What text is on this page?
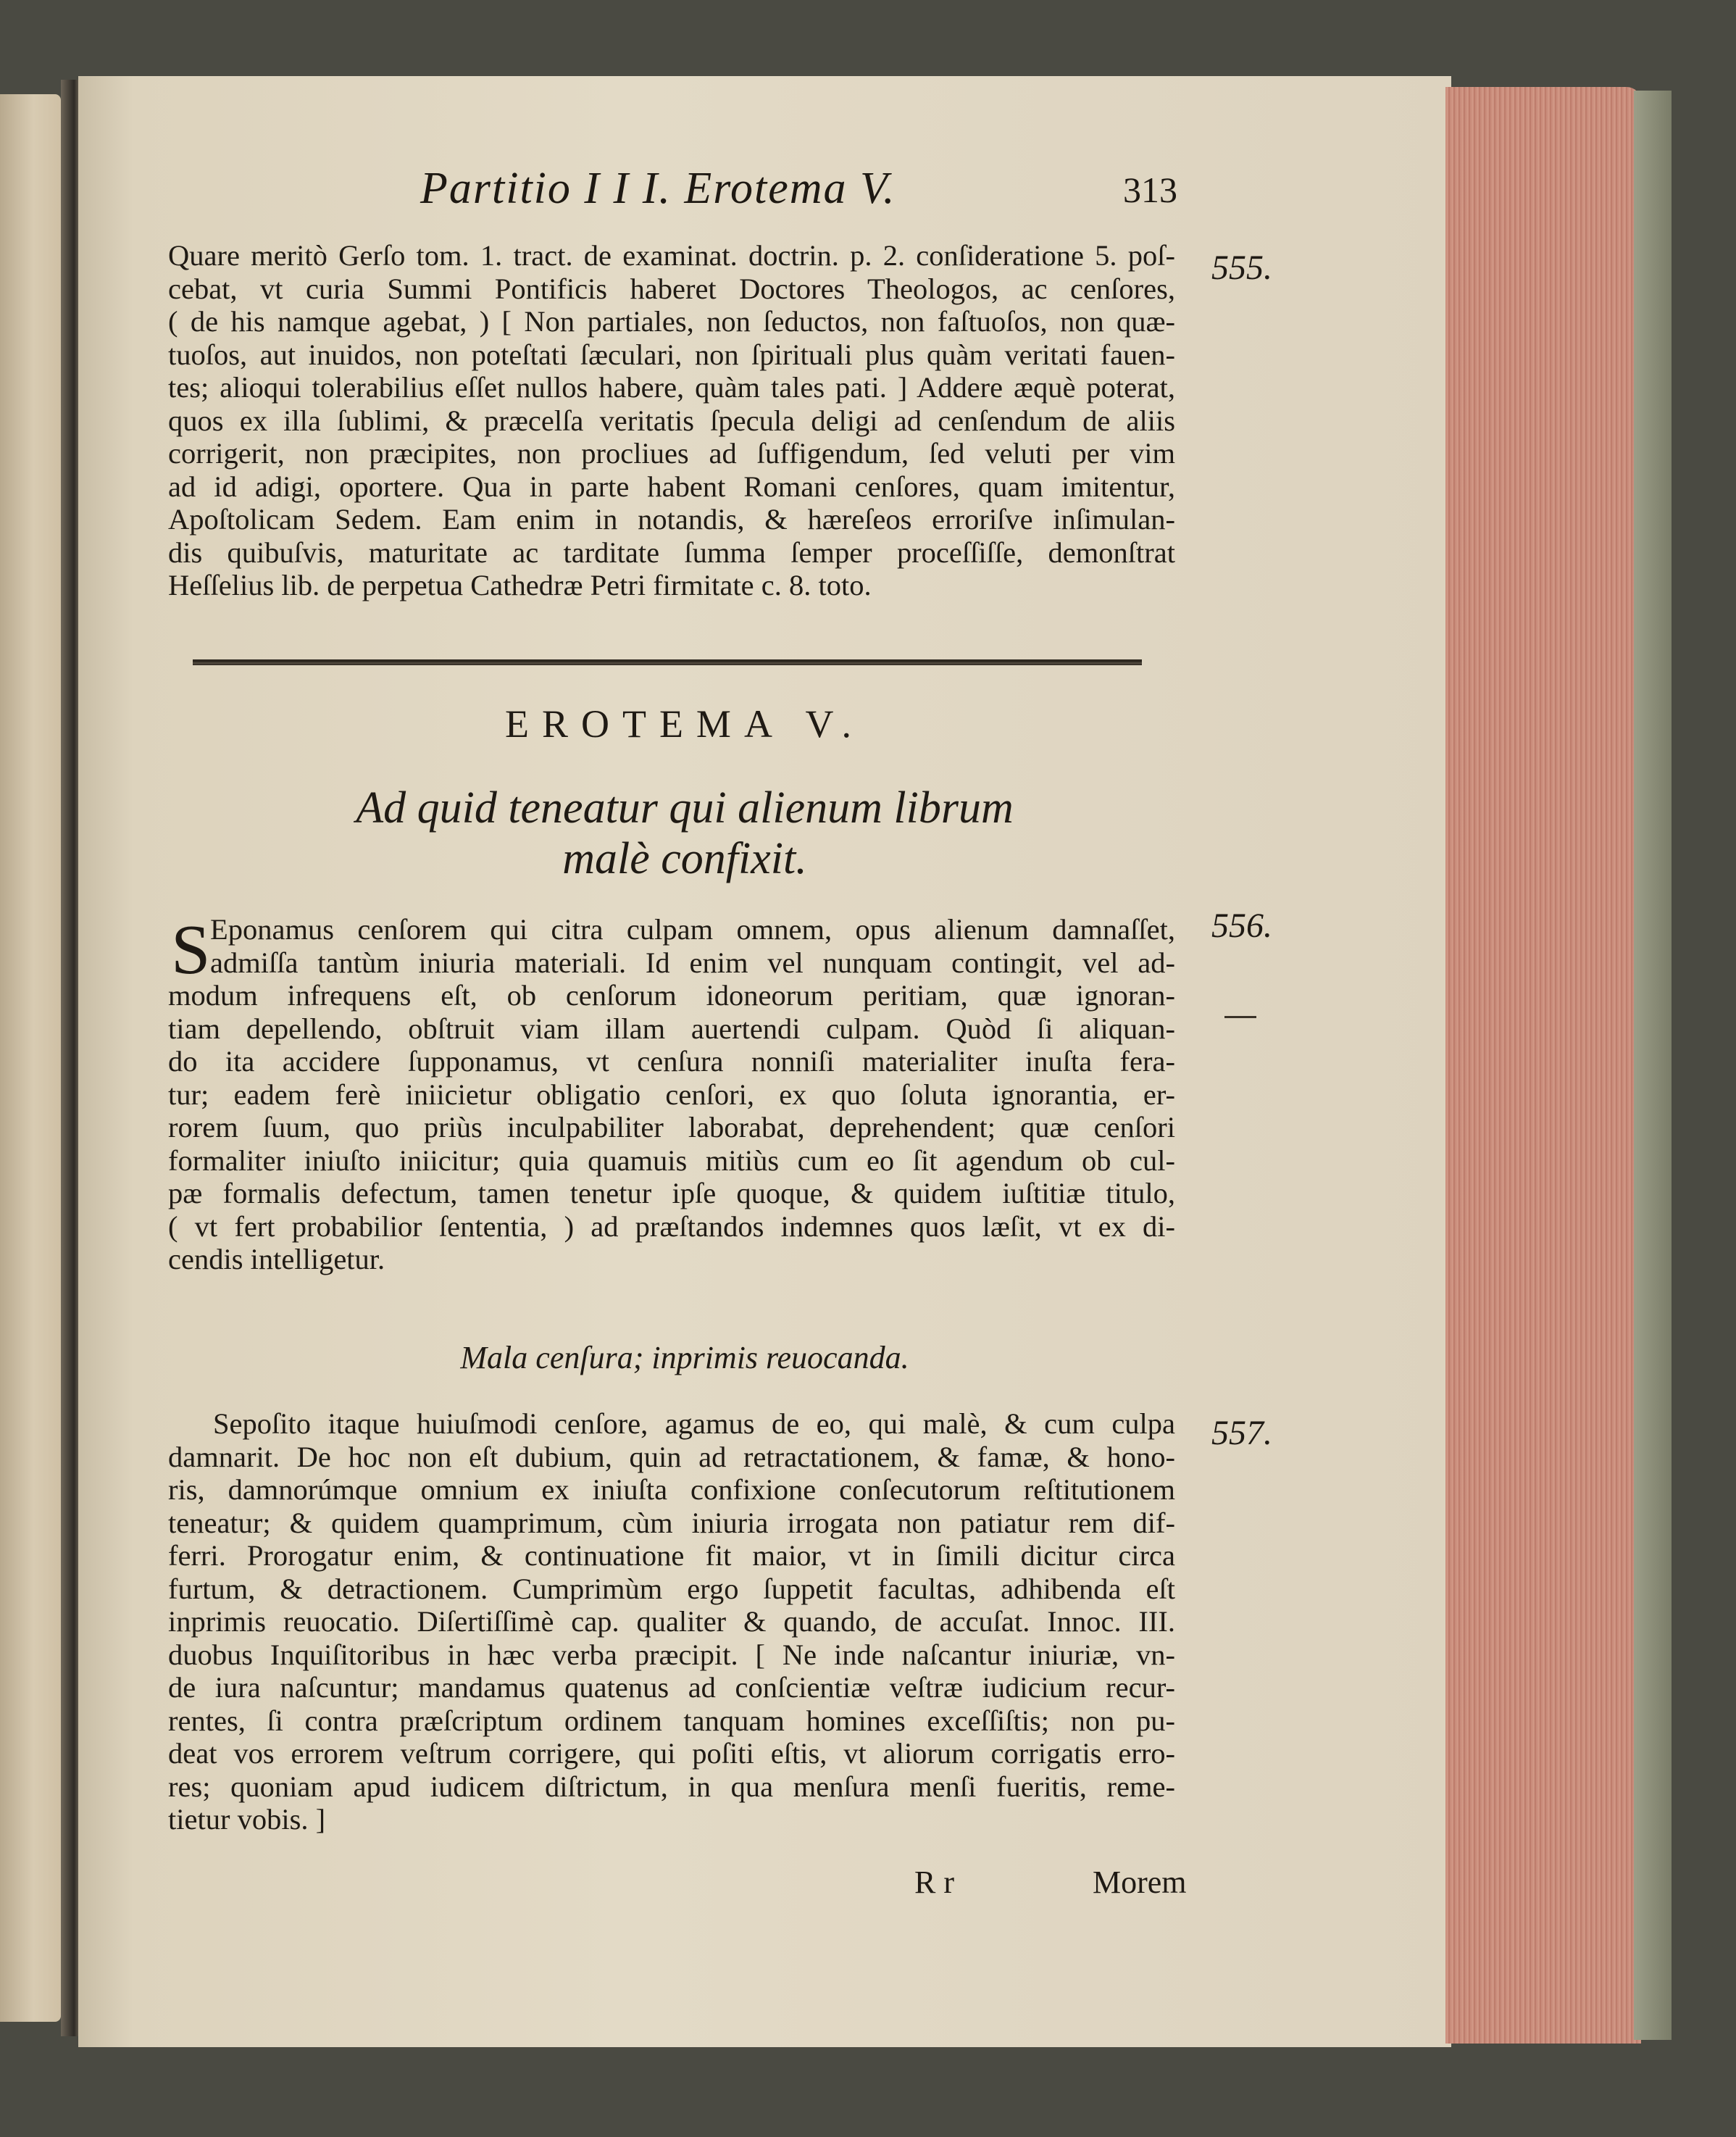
Partitio I I I. Erotema V.	313
555.
Quare meritò Gerſo tom. 1. tract. de examinat. doctrin. p. 2. conſideratione 5. poſ-
cebat, vt curia Summi Pontificis haberet Doctores Theologos, ac cenſores,
( de his namque agebat, ) [ Non partiales, non ſeductos, non faſtuoſos, non quæ-
tuoſos, aut inuidos, non poteſtati ſæculari, non ſpirituali plus quàm veritati fauen-
tes; alioqui tolerabilius eſſet nullos habere, quàm tales pati. ] Addere æquè poterat,
quos ex illa ſublimi, & præcelſa veritatis ſpecula deligi ad cenſendum de aliis
corrigerit, non præcipites, non procliues ad ſuffigendum, ſed veluti per vim
ad id adigi, oportere. Qua in parte habent Romani cenſores, quam imitentur,
Apoſtolicam Sedem. Eam enim in notandis, & hæreſeos erroriſve inſimulan-
dis quibuſvis, maturitate ac tarditate ſumma ſemper proceſſiſſe, demonſtrat
Heſſelius lib. de perpetua Cathedræ Petri firmitate c. 8. toto.
EROTEMA V.
Ad quid teneatur qui alienum librum
malè confixit.
556.
S Eponamus cenſorem qui citra culpam omnem, opus alienum damnaſſet,
admiſſa tantùm iniuria materiali. Id enim vel nunquam contingit, vel ad-
modum infrequens eſt, ob cenſorum idoneorum peritiam, quæ ignoran-
tiam depellendo, obſtruit viam illam auertendi culpam. Quòd ſi aliquan-
do ita accidere ſupponamus, vt cenſura nonniſi materialiter inuſta fera-
tur; eadem ferè iniicietur obligatio cenſori, ex quo ſoluta ignorantia, er-
rorem ſuum, quo priùs inculpabiliter laborabat, deprehendent; quæ cenſori
formaliter iniuſto iniicitur; quia quamuis mitiùs cum eo ſit agendum ob cul-
pæ formalis defectum, tamen tenetur ipſe quoque, & quidem iuſtitiæ titulo,
( vt fert probabilior ſententia, ) ad præſtandos indemnes quos læſit, vt ex di-
cendis intelligetur.
Mala cenſura; inprimis reuocanda.
557.
Sepoſito itaque huiuſmodi cenſore, agamus de eo, qui malè, & cum culpa
damnarit. De hoc non eſt dubium, quin ad retractationem, & famæ, & hono-
ris, damnorúmque omnium ex iniuſta confixione conſecutorum reſtitutionem
teneatur; & quidem quamprimum, cùm iniuria irrogata non patiatur rem dif-
ferri. Prorogatur enim, & continuatione fit maior, vt in ſimili dicitur circa
furtum, & detractionem. Cumprimùm ergo ſuppetit facultas, adhibenda eſt
inprimis reuocatio. Diſertiſſimè cap. qualiter & quando, de accuſat. Innoc. III.
duobus Inquiſitoribus in hæc verba præcipit. [ Ne inde naſcantur iniuriæ, vn-
de iura naſcuntur; mandamus quatenus ad conſcientiæ veſtræ iudicium recur-
rentes, ſi contra præſcriptum ordinem tanquam homines exceſſiſtis; non pu-
deat vos errorem veſtrum corrigere, qui poſiti eſtis, vt aliorum corrigatis erro-
res; quoniam apud iudicem diſtrictum, in qua menſura menſi fueritis, reme-
tietur vobis. ]
R r	Morem
